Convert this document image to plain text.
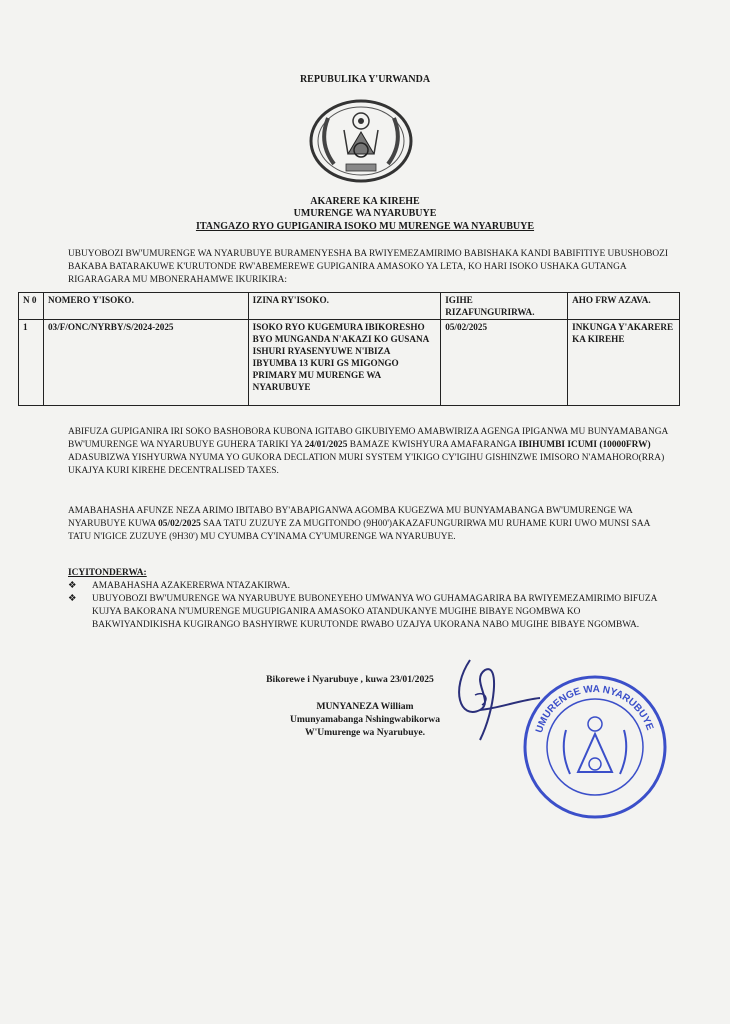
REPUBULIKA Y'URWANDA
AKARERE KA KIREHE
UMURENGE WA NYARUBUYE
ITANGAZO RYO GUPIGANIRA ISOKO MU MURENGE WA NYARUBUYE
UBUYOBOZI BW'UMURENGE WA NYARUBUYE BURAMENYESHA BA RWIYEMEZAMIRIMO BABISHAKA KANDI BABIFITIYE UBUSHOBOZI BAKABA BATARAKUWE K'URUTONDE RW'ABEMEREWE GUPIGANIRA AMASOKO YA LETA, KO HARI ISOKO USHAKA GUTANGA RIGARAGARA MU MBONERAHAMWE IKURIKIRA:
N 0	NOMERO Y'ISOKO.	IZINA RY'ISOKO.	IGIHE RIZAFUNGURIRWA.	AHO FRW AZAVA.
1	03/F/ONC/NYRBY/S/2024-2025	ISOKO RYO KUGEMURA IBIKORESHO BYO MUNGANDA N'AKAZI KO GUSANA ISHURI RYASENYUWE N'IBIZA IBYUMBA 13 KURI GS MIGONGO PRIMARY MU MURENGE WA NYARUBUYE	05/02/2025	INKUNGA Y'AKARERE KA KIREHE
ABIFUZA GUPIGANIRA IRI SOKO BASHOBORA KUBONA IGITABO GIKUBIYEMO AMABWIRIZA AGENGA IPIGANWA MU BUNYAMABANGA BW'UMURENGE WA NYARUBUYE GUHERA TARIKI YA 24/01/2025 BAMAZE KWISHYURA AMAFARANGA IBIHUMBI ICUMI (10000FRW) ADASUBIZWA YISHYURWA NYUMA YO GUKORA DECLATION MURI SYSTEM Y'IKIGO CY'IGIHU GISHINZWE IMISORO N'AMAHORO(RRA) UKAJYA KURI KIREHE DECENTRALISED TAXES.
AMABAHASHA AFUNZE NEZA ARIMO IBITABO BY'ABAPIGANWA AGOMBA KUGEZWA MU BUNYAMABANGA BW'UMURENGE WA NYARUBUYE KUWA 05/02/2025 SAA TATU ZUZUYE ZA MUGITONDO (9H00')AKAZAFUNGURIRWA MU RUHAME KURI UWO MUNSI SAA TATU N'IGICE ZUZUYE (9H30') MU CYUMBA CY'INAMA CY'UMURENGE WA NYARUBUYE.
ICYITONDERWA:
❖	AMABAHASHA AZAKERERWA NTAZAKIRWA.
❖	UBUYOBOZI BW'UMURENGE WA NYARUBUYE BUBONEYEHO UMWANYA WO GUHAMAGARIRA BA RWIYEMEZAMIRIMO BIFUZA KUJYA BAKORANA N'UMURENGE MUGUPIGANIRA AMASOKO ATANDUKANYE MUGIHE BIBAYE NGOMBWA KO BAKWIYANDIKISHA KUGIRANGO BASHYIRWE KURUTONDE RWABO UZAJYA UKORANA NABO MUGIHE BIBAYE NGOMBWA.
Bikorewe i Nyarubuye , kuwa 23/01/2025
MUNYANEZA William
Umunyamabanga Nshingwabikorwa
W'Umurenge wa Nyarubuye.	UMURENGE WA NYARUBUYE
